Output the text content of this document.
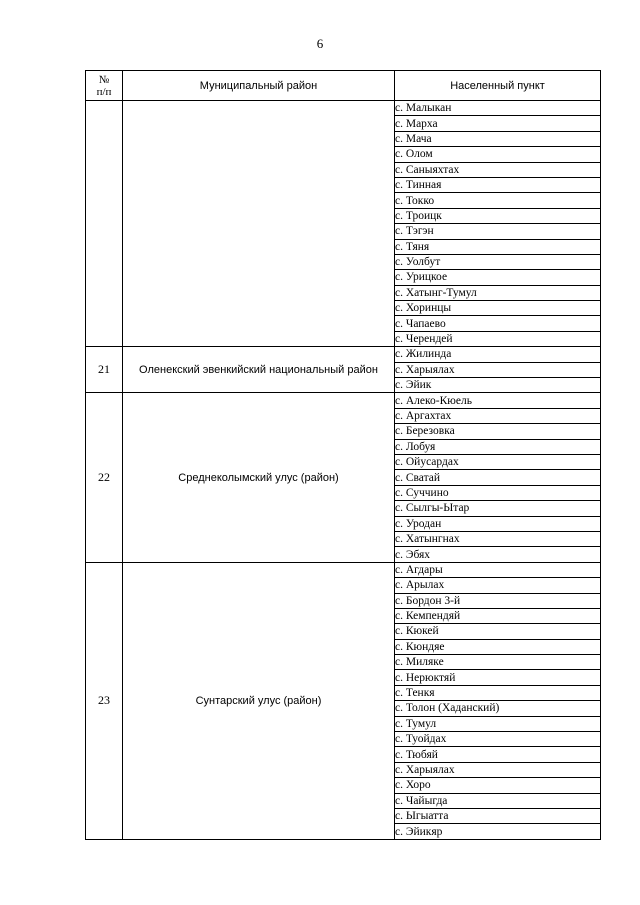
6
№
п/п	Муниципальный район	Населенный пункт
		с. Малыкан
		с. Марха
		с. Мача
		с. Олом
		с. Саныяхтах
		с. Тинная
		с. Токко
		с. Троицк
		с. Тэгэн
		с. Тяня
		с. Уолбут
		с. Урицкое
		с. Хатынг-Тумул
		с. Хоринцы
		с. Чапаево
		с. Черендей
21	Оленекский эвенкийский национальный район	с. Жилинда
		с. Харыялах
		с. Эйик
22	Среднеколымский улус (район)	с. Алеко-Кюель
		с. Аргахтах
		с. Березовка
		с. Лобуя
		с. Ойусардах
		с. Сватай
		с. Суччино
		с. Сылгы-Ытар
		с. Уродан
		с. Хатынгнах
		с. Эбях
23	Сунтарский улус (район)	с. Агдары
		с. Арылах
		с. Бордон 3-й
		с. Кемпендяй
		с. Кюкей
		с. Кюндяе
		с. Миляке
		с. Нерюктяй
		с. Тенкя
		с. Толон (Хаданский)
		с. Тумул
		с. Туойдах
		с. Тюбяй
		с. Харыялах
		с. Хоро
		с. Чайыгда
		с. Ыгыатта
		с. Эйикяр
